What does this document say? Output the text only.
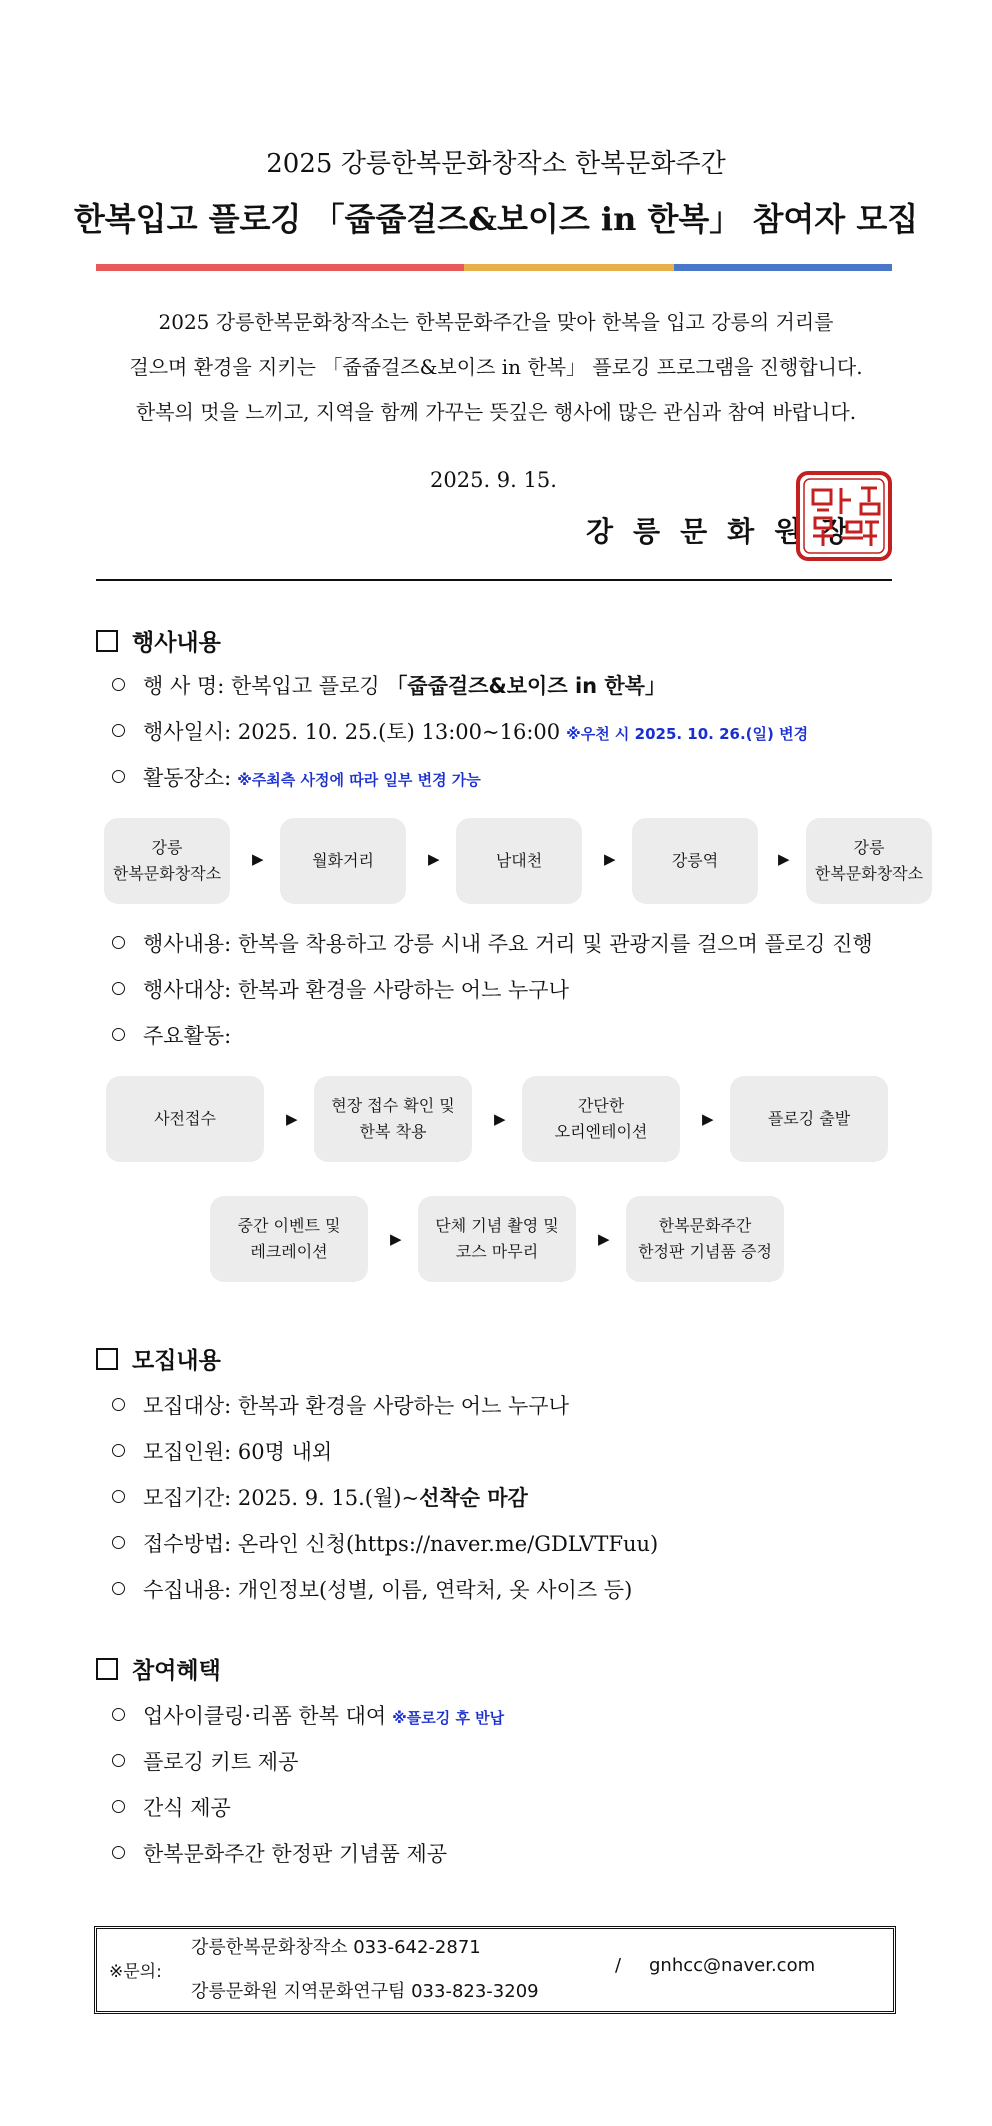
2025 강릉한복문화창작소 한복문화주간
한복입고 플로깅 「줍줍걸즈&보이즈 in 한복」 참여자 모집
2025 강릉한복문화창작소는 한복문화주간을 맞아 한복을 입고 강릉의 거리를
걸으며 환경을 지키는 「줍줍걸즈&보이즈 in 한복」 플로깅 프로그램을 진행합니다.
한복의 멋을 느끼고, 지역을 함께 가꾸는 뜻깊은 행사에 많은 관심과 참여 바랍니다.
2025. 9. 15.
강릉문화원장
행사내용
행 사 명: 한복입고 플로깅 「줍줍걸즈&보이즈 in 한복」
행사일시: 2025. 10. 25.(토) 13:00~16:00 ※우천 시 2025. 10. 26.(일) 변경
활동장소: ※주최측 사정에 따라 일부 변경 가능
강릉
한복문화창작소
▶	월화거리	▶	남대천	▶	강릉역	▶
강릉
한복문화창작소
행사내용: 한복을 착용하고 강릉 시내 주요 거리 및 관광지를 걸으며 플로깅 진행
행사대상: 한복과 환경을 사랑하는 어느 누구나
주요활동:
사전접수	▶
현장 접수 확인 및
한복 착용
▶
간단한
오리엔테이션
▶	플로깅 출발
중간 이벤트 및
레크레이션
▶
단체 기념 촬영 및
코스 마무리
▶
한복문화주간
한정판 기념품 증정
모집내용
모집대상: 한복과 환경을 사랑하는 어느 누구나
모집인원: 60명 내외
모집기간: 2025. 9. 15.(월)~선착순 마감
접수방법: 온라인 신청(https://naver.me/GDLVTFuu)
수집내용: 개인정보(성별, 이름, 연락처, 옷 사이즈 등)
참여혜택
업사이클링·리폼 한복 대여 ※플로깅 후 반납
플로깅 키트 제공
간식 제공
한복문화주간 한정판 기념품 제공
※문의:
강릉한복문화창작소 033-642-2871
강릉문화원 지역문화연구팀 033-823-3209
/ gnhcc@naver.com
